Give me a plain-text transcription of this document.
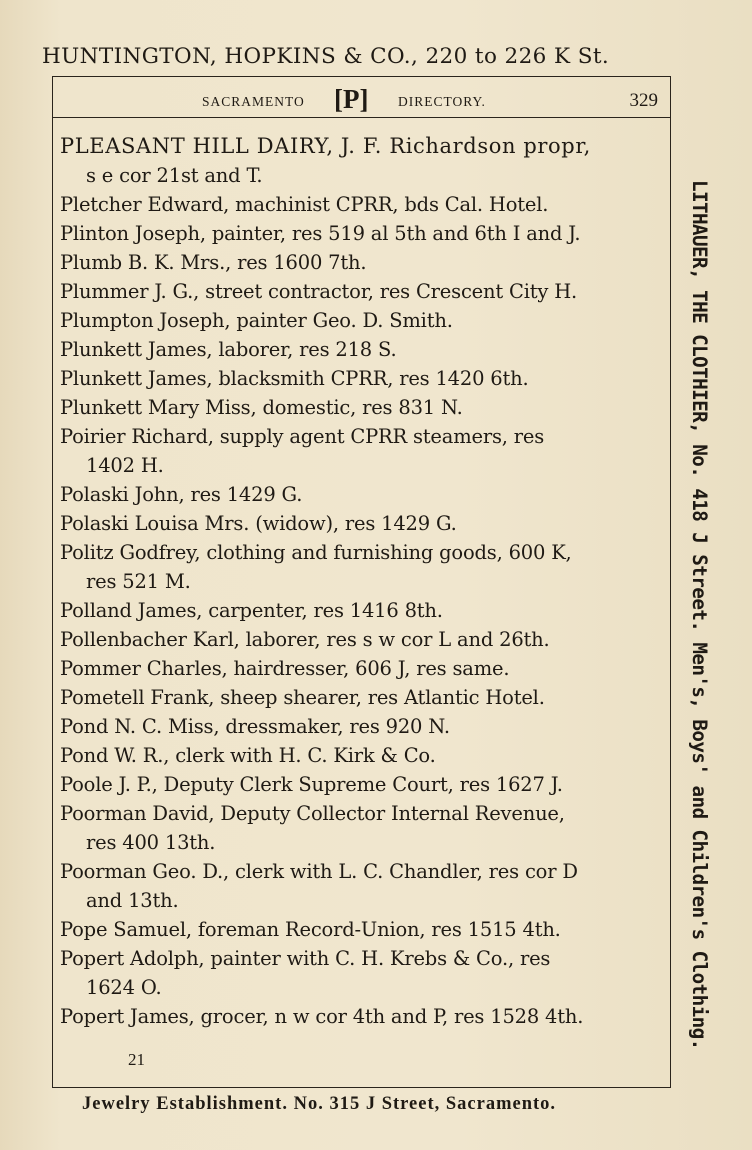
HUNTINGTON, HOPKINS & CO., 220 to 226 K St.
SACRAMENTO [P] DIRECTORY.	329
PLEASANT HILL DAIRY, J. F. Richardson propr,
s e cor 21st and T.
Pletcher Edward, machinist CPRR, bds Cal. Hotel.
Plinton Joseph, painter, res 519 al 5th and 6th I and J.
Plumb B. K. Mrs., res 1600 7th.
Plummer J. G., street contractor, res Crescent City H.
Plumpton Joseph, painter Geo. D. Smith.
Plunkett James, laborer, res 218 S.
Plunkett James, blacksmith CPRR, res 1420 6th.
Plunkett Mary Miss, domestic, res 831 N.
Poirier Richard, supply agent CPRR steamers, res
1402 H.
Polaski John, res 1429 G.
Polaski Louisa Mrs. (widow), res 1429 G.
Politz Godfrey, clothing and furnishing goods, 600 K,
res 521 M.
Polland James, carpenter, res 1416 8th.
Pollenbacher Karl, laborer, res s w cor L and 26th.
Pommer Charles, hairdresser, 606 J, res same.
Pometell Frank, sheep shearer, res Atlantic Hotel.
Pond N. C. Miss, dressmaker, res 920 N.
Pond W. R., clerk with H. C. Kirk & Co.
Poole J. P., Deputy Clerk Supreme Court, res 1627 J.
Poorman David, Deputy Collector Internal Revenue,
res 400 13th.
Poorman Geo. D., clerk with L. C. Chandler, res cor D
and 13th.
Pope Samuel, foreman Record-Union, res 1515 4th.
Popert Adolph, painter with C. H. Krebs & Co., res
1624 O.
Popert James, grocer, n w cor 4th and P, res 1528 4th.
21
LITHAUER, THE CLOTHIER, No. 418 J Street. Men's, Boys' and Children's Clothing.
Jewelry Establishment. No. 315 J Street, Sacramento.
